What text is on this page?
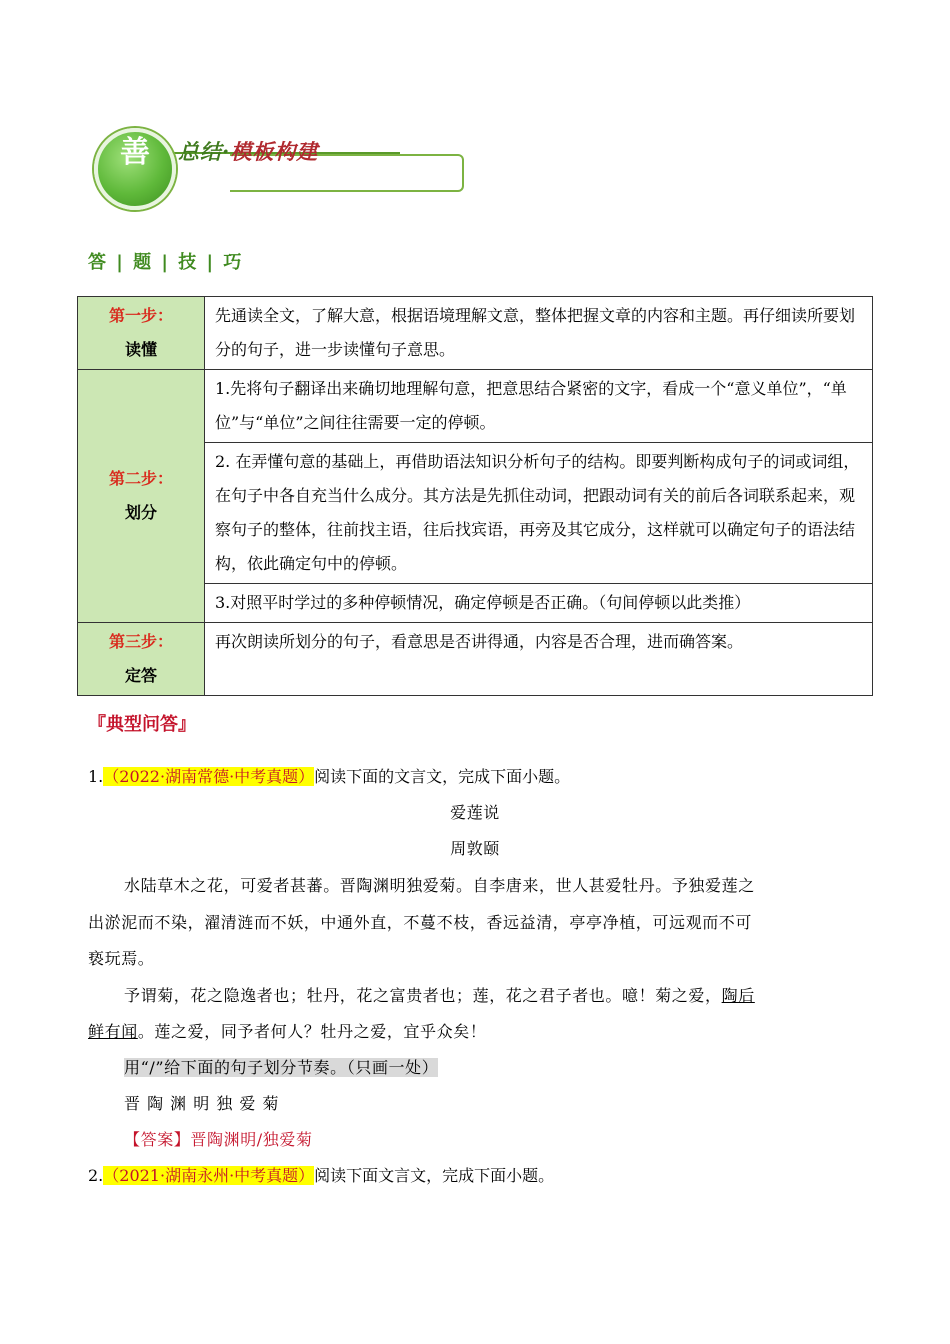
善	总结·模板构建
答 | 题 | 技 | 巧
第一步：
读懂	先通读全文，了解大意，根据语境理解文意，整体把握文章的内容和主题。再仔细读所要划分的句子，进一步读懂句子意思。

第二步：
划分	1.先将句子翻译出来确切地理解句意，把意思结合紧密的文字，看成一个“意义单位”，“单位”与“单位”之间往往需要一定的停顿。
	2. 在弄懂句意的基础上，再借助语法知识分析句子的结构。即要判断构成句子的词或词组，在句子中各自充当什么成分。其方法是先抓住动词，把跟动词有关的前后各词联系起来，观察句子的整体，往前找主语，往后找宾语，再旁及其它成分，这样就可以确定句子的语法结构，依此确定句中的停顿。
	3.对照平时学过的多种停顿情况，确定停顿是否正确。（句间停顿以此类推）

第三步：
定答	再次朗读所划分的句子，看意思是否讲得通，内容是否合理，进而确答案。
『典型问答』
1.（2022·湖南常德·中考真题）阅读下面的文言文，完成下面小题。
爱莲说
周敦颐
水陆草木之花，可爱者甚蕃。晋陶渊明独爱菊。自李唐来，世人甚爱牡丹。予独爱莲之
出淤泥而不染，濯清涟而不妖，中通外直，不蔓不枝，香远益清，亭亭净植，可远观而不可
亵玩焉。
予谓菊，花之隐逸者也；牡丹，花之富贵者也；莲，花之君子者也。噫！菊之爱，陶后
鲜有闻。莲之爱，同予者何人？牡丹之爱，宜乎众矣！
用“/”给下面的句子划分节奏。（只画一处）
晋 陶 渊 明 独 爱 菊
【答案】晋陶渊明/独爱菊
2.（2021·湖南永州·中考真题）阅读下面文言文，完成下面小题。
